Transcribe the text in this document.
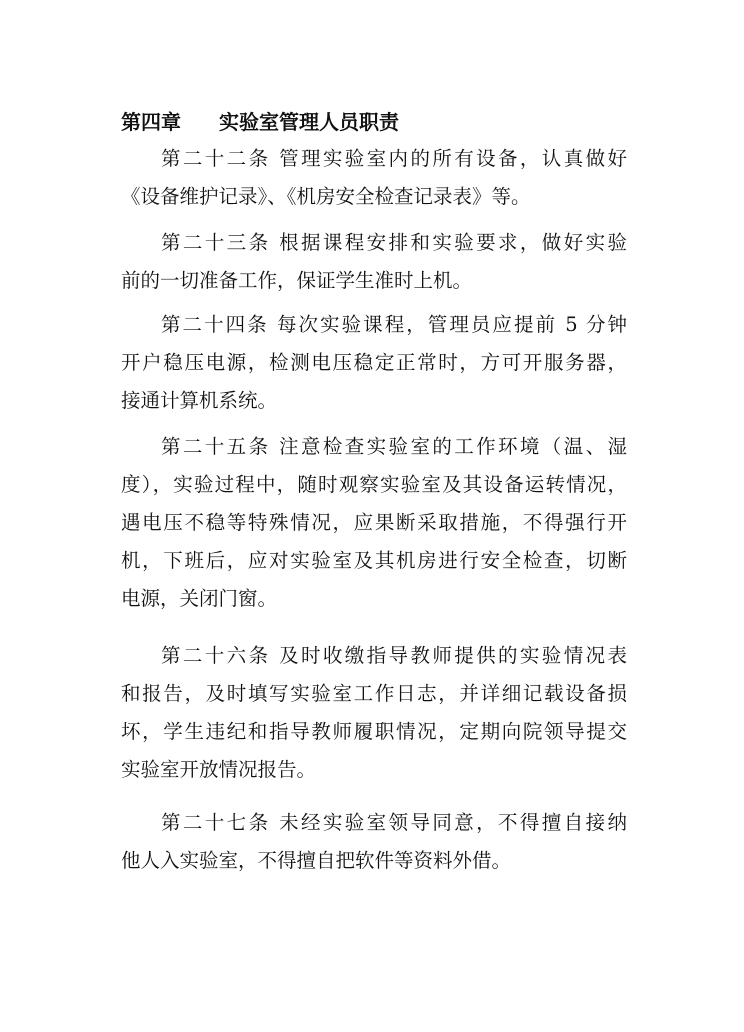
第四章 实验室管理人员职责
第二十二条 管理实验室内的所有设备，认真做好
《设备维护记录》、《机房安全检查记录表》等。
第二十三条 根据课程安排和实验要求，做好实验
前的一切准备工作，保证学生准时上机。
第二十四条 每次实验课程，管理员应提前 5 分钟
开户稳压电源，检测电压稳定正常时，方可开服务器，
接通计算机系统。
第二十五条 注意检查实验室的工作环境（温、湿
度），实验过程中，随时观察实验室及其设备运转情况，
遇电压不稳等特殊情况，应果断采取措施，不得强行开
机，下班后，应对实验室及其机房进行安全检查，切断
电源，关闭门窗。
第二十六条 及时收缴指导教师提供的实验情况表
和报告，及时填写实验室工作日志，并详细记载设备损
坏，学生违纪和指导教师履职情况，定期向院领导提交
实验室开放情况报告。
第二十七条 未经实验室领导同意，不得擅自接纳
他人入实验室，不得擅自把软件等资料外借。
